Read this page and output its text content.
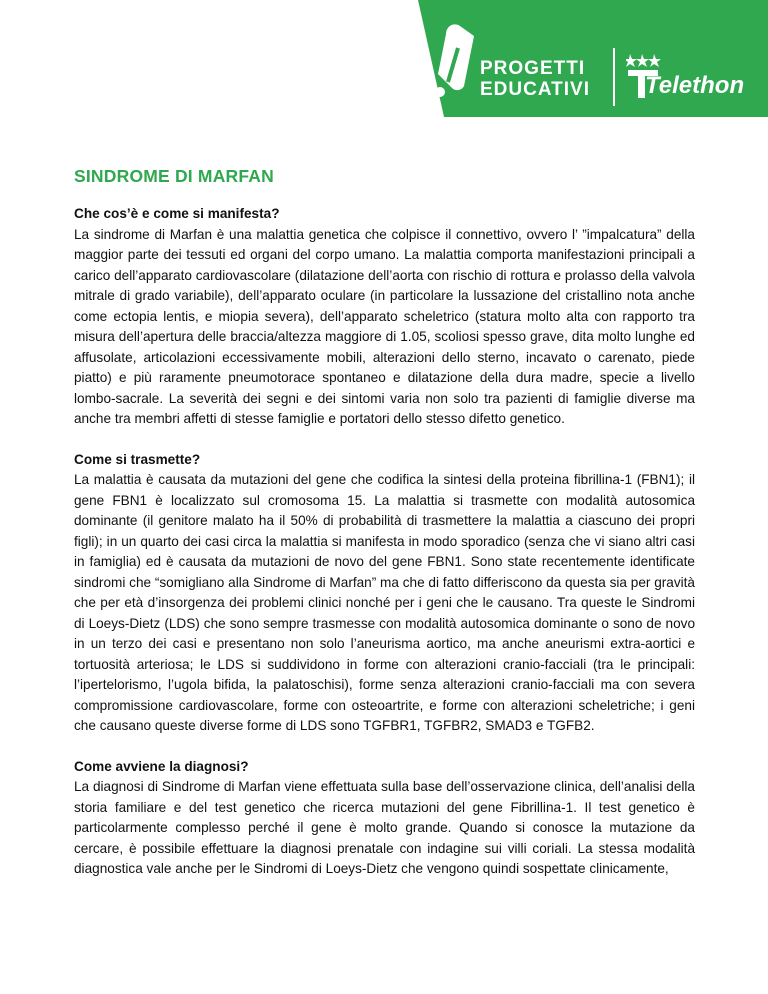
PROGETTI
EDUCATIVI Telethon
SINDROME DI MARFAN

Che cos’è e come si manifesta?

La sindrome di Marfan è una malattia genetica che colpisce il connettivo, ovvero l’ ”impalcatura” della maggior parte dei tessuti ed organi del corpo umano. La malattia comporta manifestazioni principali a carico dell’apparato cardiovascolare (dilatazione dell’aorta con rischio di rottura e prolasso della valvola mitrale di grado variabile), dell’apparato oculare (in particolare la lussazione del cristallino nota anche come ectopia lentis, e miopia severa), dell’apparato scheletrico (statura molto alta con rapporto tra misura dell’apertura delle braccia/altezza maggiore di 1.05, scoliosi spesso grave, dita molto lunghe ed affusolate, articolazioni eccessivamente mobili, alterazioni dello sterno, incavato o carenato, piede piatto) e più raramente pneumotorace spontaneo e dilatazione della dura madre, specie a livello lombo-sacrale. La severità dei segni e dei sintomi varia non solo tra pazienti di famiglie diverse ma anche tra membri affetti di stesse famiglie e portatori dello stesso difetto genetico.

Come si trasmette?

La malattia è causata da mutazioni del gene che codifica la sintesi della proteina fibrillina-1 (FBN1); il gene FBN1 è localizzato sul cromosoma 15. La malattia si trasmette con modalità autosomica dominante (il genitore malato ha il 50% di probabilità di trasmettere la malattia a ciascuno dei propri figli); in un quarto dei casi circa la malattia si manifesta in modo sporadico (senza che vi siano altri casi in famiglia) ed è causata da mutazioni de novo del gene FBN1. Sono state recentemente identificate sindromi che “somigliano alla Sindrome di Marfan” ma che di fatto differiscono da questa sia per gravità che per età d’insorgenza dei problemi clinici nonché per i geni che le causano. Tra queste le Sindromi di Loeys-Dietz (LDS) che sono sempre trasmesse con modalità autosomica dominante o sono de novo in un terzo dei casi e presentano non solo l’aneurisma aortico, ma anche aneurismi extra-aortici e tortuosità arteriosa; le LDS si suddividono in forme con alterazioni cranio-facciali (tra le principali: l’ipertelorismo, l’ugola bifida, la palatoschisi), forme senza alterazioni cranio-facciali ma con severa compromissione cardiovascolare, forme con osteoartrite, e forme con alterazioni scheletriche; i geni che causano queste diverse forme di LDS sono TGFBR1, TGFBR2, SMAD3 e TGFB2.

Come avviene la diagnosi?

La diagnosi di Sindrome di Marfan viene effettuata sulla base dell’osservazione clinica, dell’analisi della storia familiare e del test genetico che ricerca mutazioni del gene Fibrillina-1. Il test genetico è particolarmente complesso perché il gene è molto grande. Quando si conosce la mutazione da cercare, è possibile effettuare la diagnosi prenatale con indagine sui villi coriali. La stessa modalità diagnostica vale anche per le Sindromi di Loeys-Dietz che vengono quindi sospettate clinicamente,
